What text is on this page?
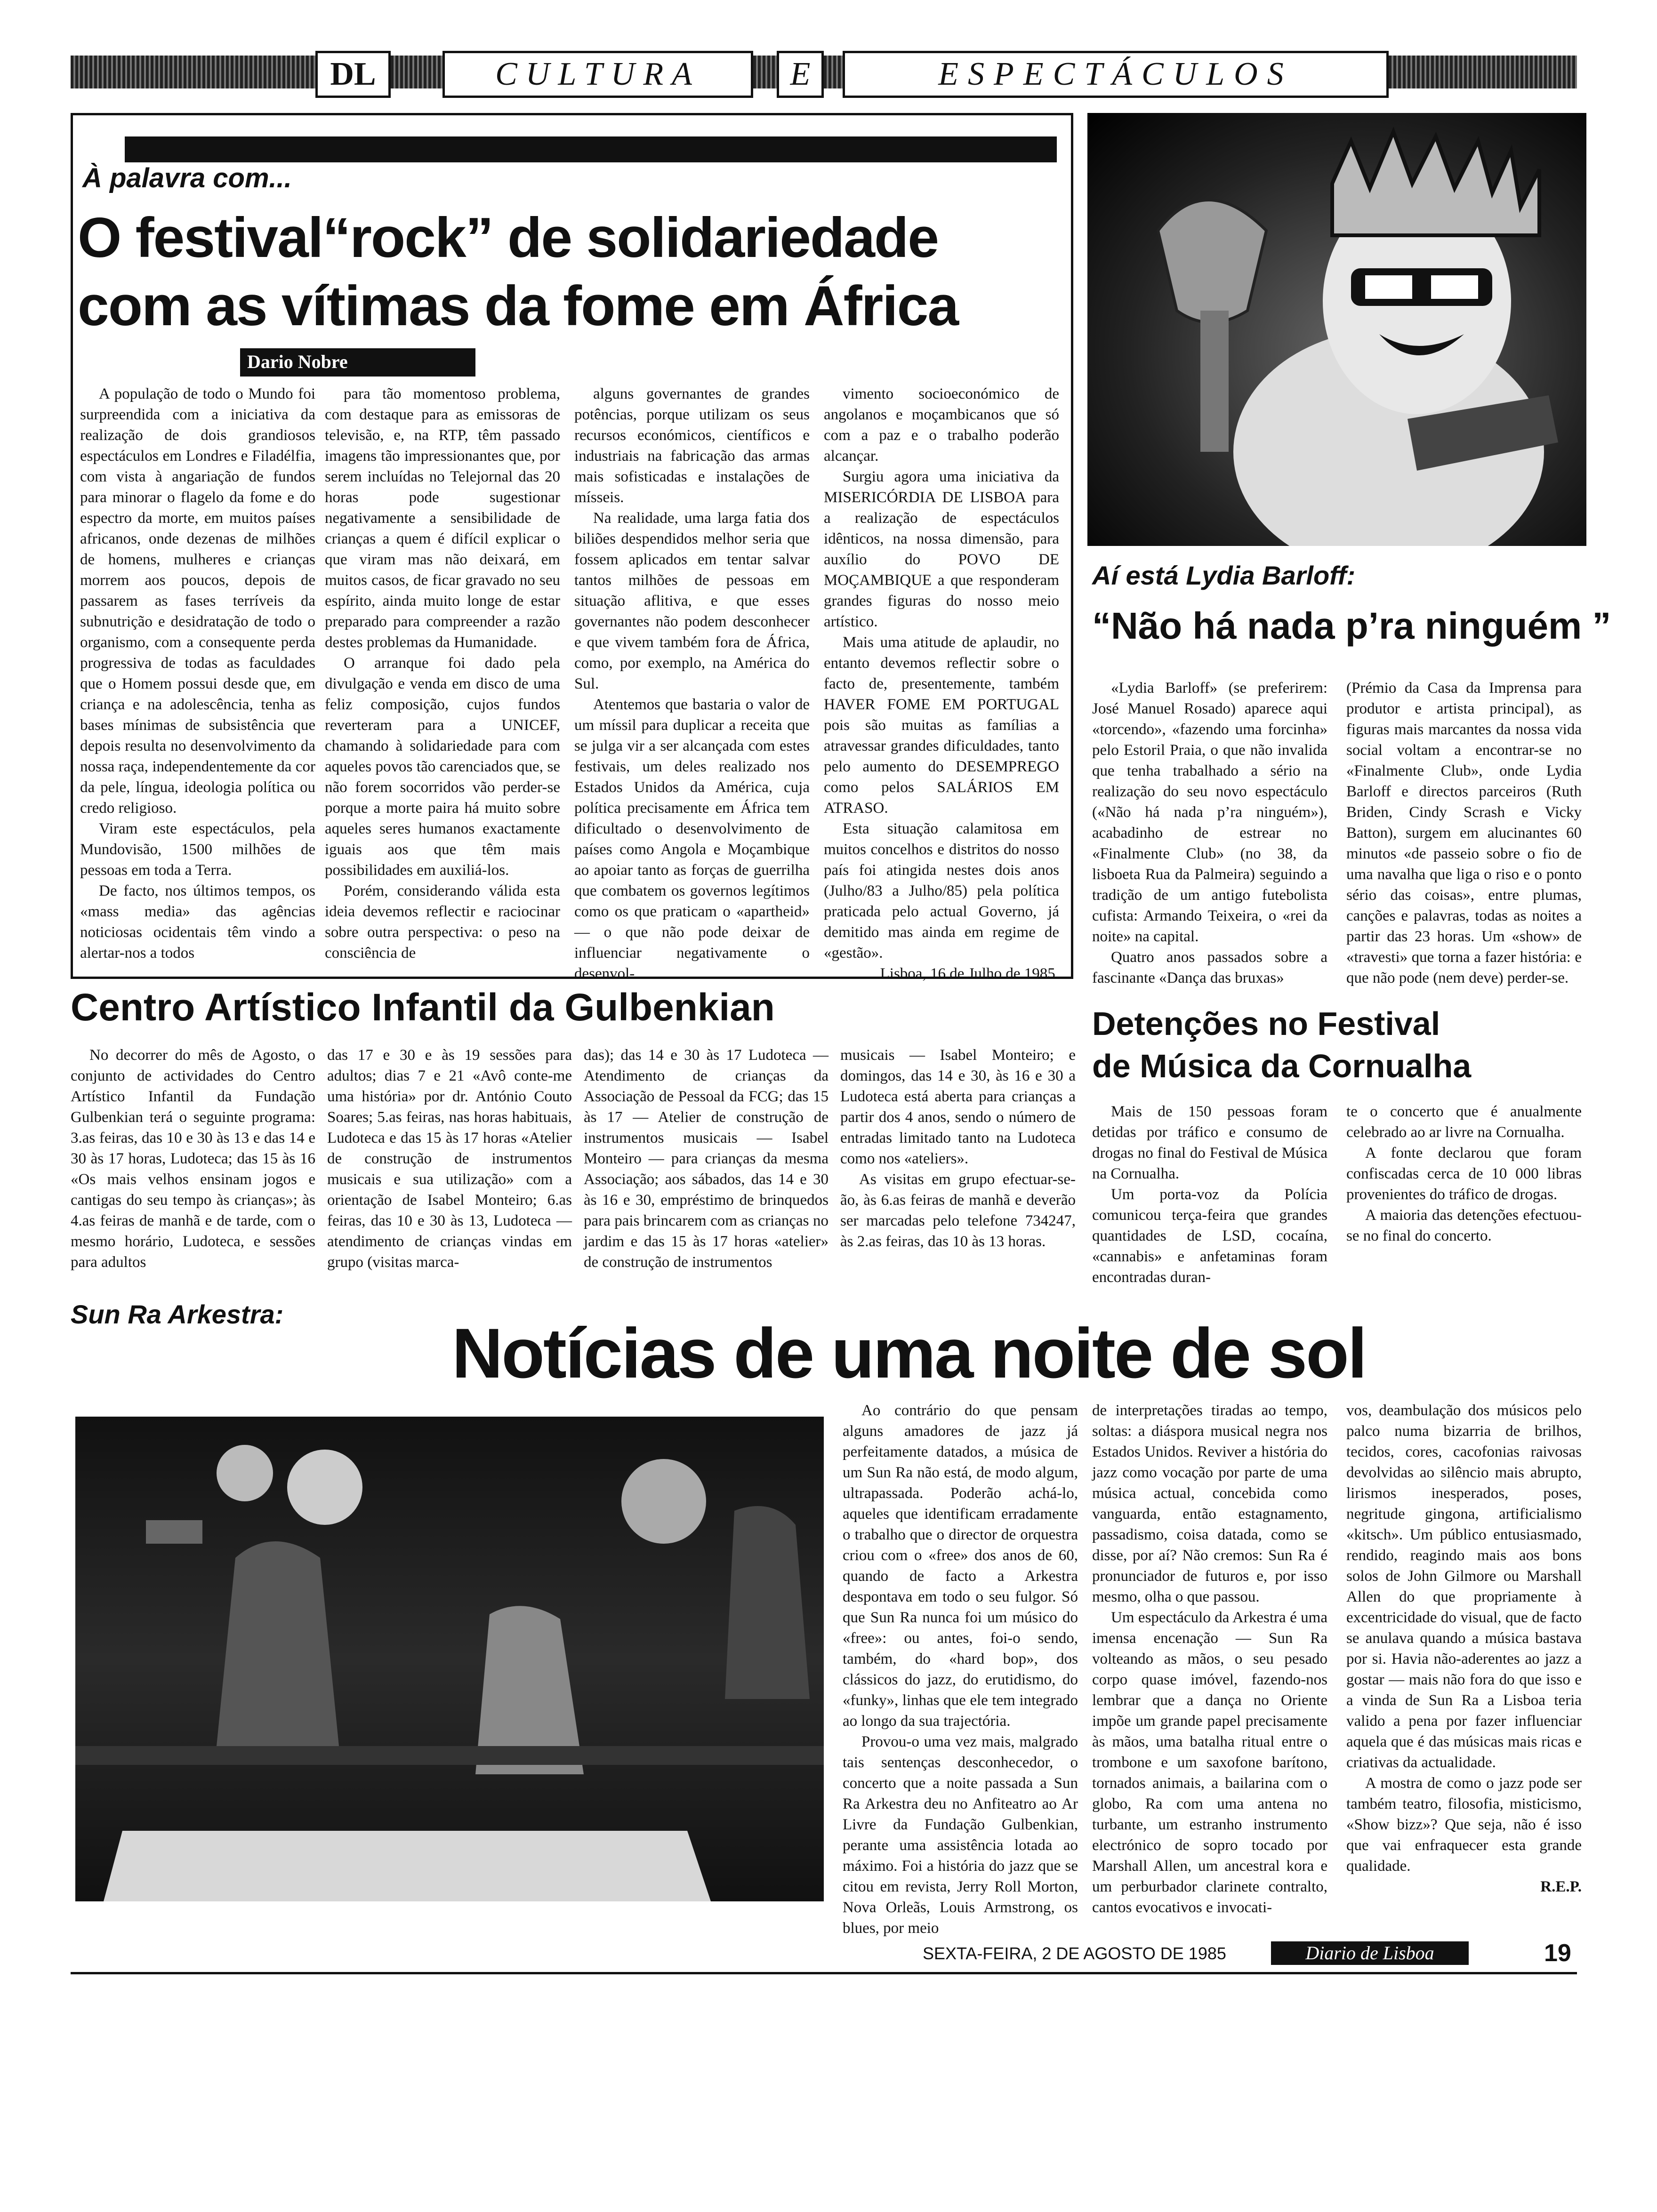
DL	CULTURA	E	ESPECTÁCULOS
À palavra com...
O festival“rock” de solidariedade
com as vítimas da fome em África
Dario Nobre

A população de todo o Mundo foi surpreendida com a iniciativa da realização de dois grandiosos espectáculos em Londres e Filadélfia, com vista à angariação de fundos para minorar o flagelo da fome e do espectro da morte, em muitos países africanos, onde dezenas de milhões de homens, mulheres e crianças morrem aos poucos, depois de passarem as fases terríveis da subnutrição e desidratação de todo o organismo, com a consequente perda progressiva de todas as faculdades que o Homem possui desde que, em criança e na adolescência, tenha as bases mínimas de subsistência que depois resulta no desenvolvimento da nossa raça, independentemente da cor da pele, língua, ideologia política ou credo religioso.

Viram este espectáculos, pela Mundovisão, 1500 milhões de pessoas em toda a Terra.

De facto, nos últimos tempos, os «mass media» das agências noticiosas ocidentais têm vindo a alertar-nos a todos

para tão momentoso problema, com destaque para as emissoras de televisão, e, na RTP, têm passado imagens tão impressionantes que, por serem incluídas no Telejornal das 20 horas pode sugestionar negativamente a sensibilidade de crianças a quem é difícil explicar o que viram mas não deixará, em muitos casos, de ficar gravado no seu espírito, ainda muito longe de estar preparado para compreender a razão destes problemas da Humanidade.

O arranque foi dado pela divulgação e venda em disco de uma feliz composição, cujos fundos reverteram para a UNICEF, chamando à solidariedade para com aqueles povos tão carenciados que, se não forem socorridos vão perder-se porque a morte paira há muito sobre aqueles seres humanos exactamente iguais aos que têm mais possibilidades em auxiliá-los.

Porém, considerando válida esta ideia devemos reflectir e raciocinar sobre outra perspectiva: o peso na consciência de

alguns governantes de grandes potências, porque utilizam os seus recursos económicos, científicos e industriais na fabricação das armas mais sofisticadas e instalações de mísseis.

Na realidade, uma larga fatia dos biliões despendidos melhor seria que fossem aplicados em tentar salvar tantos milhões de pessoas em situação aflitiva, e que esses governantes não podem desconhecer e que vivem também fora de África, como, por exemplo, na América do Sul.

Atentemos que bastaria o valor de um míssil para duplicar a receita que se julga vir a ser alcançada com estes festivais, um deles realizado nos Estados Unidos da América, cuja política precisamente em África tem dificultado o desenvolvimento de países como Angola e Moçambique ao apoiar tanto as forças de guerrilha que combatem os governos legítimos como os que praticam o «apartheid» — o que não pode deixar de influenciar negativamente o desenvol-

vimento socioeconómico de angolanos e moçambicanos que só com a paz e o trabalho poderão alcançar.

Surgiu agora uma iniciativa da MISERICÓRDIA DE LISBOA para a realização de espectáculos idênticos, na nossa dimensão, para auxílio do POVO DE MOÇAMBIQUE a que responderam grandes figuras do nosso meio artístico.

Mais uma atitude de aplaudir, no entanto devemos reflectir sobre o facto de, presentemente, também HAVER FOME EM PORTUGAL pois são muitas as famílias a atravessar grandes dificuldades, tanto pelo aumento do DESEMPREGO como pelos SALÁRIOS EM ATRASO.

Esta situação calamitosa em muitos concelhos e distritos do nosso país foi atingida nestes dois anos (Julho/83 a Julho/85) pela política praticada pelo actual Governo, já demitido mas ainda em regime de «gestão».

Lisboa, 16 de Julho de 1985.

Aí está Lydia Barloff:
“Não há nada p’ra ninguém ”

«Lydia Barloff» (se preferirem: José Manuel Rosado) aparece aqui «torcendo», «fazendo uma forcinha» pelo Estoril Praia, o que não invalida que tenha trabalhado a sério na realização do seu novo espectáculo («Não há nada p’ra ninguém»), acabadinho de estrear no «Finalmente Club» (no 38, da lisboeta Rua da Palmeira) seguindo a tradição de um antigo futebolista cufista: Armando Teixeira, o «rei da noite» na capital.

Quatro anos passados sobre a fascinante «Dança das bruxas»

(Prémio da Casa da Imprensa para produtor e artista principal), as figuras mais marcantes da nossa vida social voltam a encontrar-se no «Finalmente Club», onde Lydia Barloff e directos parceiros (Ruth Briden, Cindy Scrash e Vicky Batton), surgem em alucinantes 60 minutos «de passeio sobre o fio de uma navalha que liga o riso e o ponto sério das coisas», entre plumas, canções e palavras, todas as noites a partir das 23 horas. Um «show» de «travesti» que torna a fazer história: e que não pode (nem deve) perder-se.

Centro Artístico Infantil da Gulbenkian

No decorrer do mês de Agosto, o conjunto de actividades do Centro Artístico Infantil da Fundação Gulbenkian terá o seguinte programa: 3.as feiras, das 10 e 30 às 13 e das 14 e 30 às 17 horas, Ludoteca; das 15 às 16 «Os mais velhos ensinam jogos e cantigas do seu tempo às crianças»; às 4.as feiras de manhã e de tarde, com o mesmo horário, Ludoteca, e sessões para adultos

das 17 e 30 e às 19 sessões para adultos; dias 7 e 21 «Avô conte-me uma história» por dr. António Couto Soares; 5.as feiras, nas horas habituais, Ludoteca e das 15 às 17 horas «Atelier de construção de instrumentos musicais e sua utilização» com a orientação de Isabel Monteiro; 6.as feiras, das 10 e 30 às 13, Ludoteca — atendimento de crianças vindas em grupo (visitas marca-

das); das 14 e 30 às 17 Ludoteca — Atendimento de crianças da Associação de Pessoal da FCG; das 15 às 17 — Atelier de construção de instrumentos musicais — Isabel Monteiro — para crianças da mesma Associação; aos sábados, das 14 e 30 às 16 e 30, empréstimo de brinquedos para pais brincarem com as crianças no jardim e das 15 às 17 horas «atelier» de construção de instrumentos

musicais — Isabel Monteiro; e domingos, das 14 e 30, às 16 e 30 a Ludoteca está aberta para crianças a partir dos 4 anos, sendo o número de entradas limitado tanto na Ludoteca como nos «ateliers».

As visitas em grupo efectuar-se-ão, às 6.as feiras de manhã e deverão ser marcadas pelo telefone 734247, às 2.as feiras, das 10 às 13 horas.

Detenções no Festival
de Música da Cornualha

Mais de 150 pessoas foram detidas por tráfico e consumo de drogas no final do Festival de Música na Cornualha.

Um porta-voz da Polícia comunicou terça-feira que grandes quantidades de LSD, cocaína, «cannabis» e anfetaminas foram encontradas duran-

te o concerto que é anualmente celebrado ao ar livre na Cornualha.

A fonte declarou que foram confiscadas cerca de 10 000 libras provenientes do tráfico de drogas.

A maioria das detenções efectuou-se no final do concerto.

Sun Ra Arkestra: Notícias de uma noite de sol

Ao contrário do que pensam alguns amadores de jazz já perfeitamente datados, a música de um Sun Ra não está, de modo algum, ultrapassada. Poderão achá-lo, aqueles que identificam erradamente o trabalho que o director de orquestra criou com o «free» dos anos de 60, quando de facto a Arkestra despontava em todo o seu fulgor. Só que Sun Ra nunca foi um músico do «free»: ou antes, foi-o sendo, também, do «hard bop», dos clássicos do jazz, do erutidismo, do «funky», linhas que ele tem integrado ao longo da sua trajectória.

Provou-o uma vez mais, malgrado tais sentenças desconhecedor, o concerto que a noite passada a Sun Ra Arkestra deu no Anfiteatro ao Ar Livre da Fundação Gulbenkian, perante uma assistência lotada ao máximo. Foi a história do jazz que se citou em revista, Jerry Roll Morton, Nova Orleãs, Louis Armstrong, os blues, por meio

de interpretações tiradas ao tempo, soltas: a diáspora musical negra nos Estados Unidos. Reviver a história do jazz como vocação por parte de uma música actual, concebida como vanguarda, então estagnamento, passadismo, coisa datada, como se disse, por aí? Não cremos: Sun Ra é pronunciador de futuros e, por isso mesmo, olha o que passou.

Um espectáculo da Arkestra é uma imensa encenação — Sun Ra volteando as mãos, o seu pesado corpo quase imóvel, fazendo-nos lembrar que a dança no Oriente impõe um grande papel precisamente às mãos, uma batalha ritual entre o trombone e um saxofone barítono, tornados animais, a bailarina com o globo, Ra com uma antena no turbante, um estranho instrumento electrónico de sopro tocado por Marshall Allen, um ancestral kora e um perburbador clarinete contralto, cantos evocativos e invocati-

vos, deambulação dos músicos pelo palco numa bizarria de brilhos, tecidos, cores, cacofonias raivosas devolvidas ao silêncio mais abrupto, lirismos inesperados, poses, negritude gingona, artificialismo «kitsch». Um público entusiasmado, rendido, reagindo mais aos bons solos de John Gilmore ou Marshall Allen do que propriamente à excentricidade do visual, que de facto se anulava quando a música bastava por si. Havia não-aderentes ao jazz a gostar — mais não fora do que isso e a vinda de Sun Ra a Lisboa teria valido a pena por fazer influenciar aquela que é das músicas mais ricas e criativas da actualidade.

A mostra de como o jazz pode ser também teatro, filosofia, misticismo, «Show bizz»? Que seja, não é isso que vai enfraquecer esta grande qualidade.

R.E.P.

SEXTA-FEIRA, 2 DE AGOSTO DE 1985	Diario de Lisboa	19
